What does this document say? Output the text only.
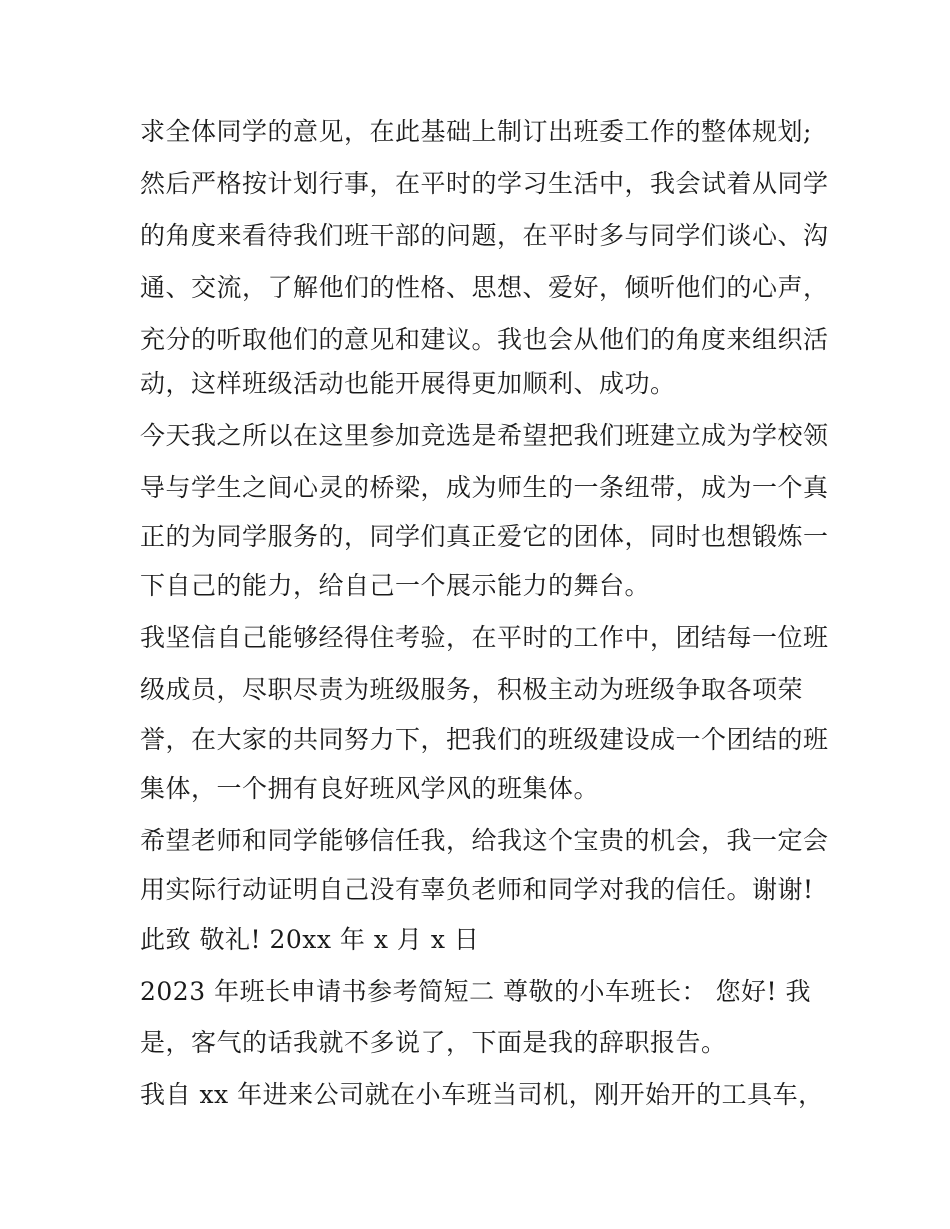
求全体同学的意见，在此基础上制订出班委工作的整体规划;
然后严格按计划行事，在平时的学习生活中，我会试着从同学
的角度来看待我们班干部的问题，在平时多与同学们谈心、沟
通、交流，了解他们的性格、思想、爱好，倾听他们的心声，
充分的听取他们的意见和建议。我也会从他们的角度来组织活
动，这样班级活动也能开展得更加顺利、成功。
今天我之所以在这里参加竞选是希望把我们班建立成为学校领
导与学生之间心灵的桥梁，成为师生的一条纽带，成为一个真
正的为同学服务的，同学们真正爱它的团体，同时也想锻炼一
下自己的能力，给自己一个展示能力的舞台。
我坚信自己能够经得住考验，在平时的工作中，团结每一位班
级成员，尽职尽责为班级服务，积极主动为班级争取各项荣
誉，在大家的共同努力下，把我们的班级建设成一个团结的班
集体，一个拥有良好班风学风的班集体。
希望老师和同学能够信任我，给我这个宝贵的机会，我一定会
用实际行动证明自己没有辜负老师和同学对我的信任。谢谢!
此致 敬礼! 20xx 年 x 月 x 日
2023 年班长申请书参考简短二 尊敬的小车班长： 您好! 我
是，客气的话我就不多说了，下面是我的辞职报告。
我自 xx 年进来公司就在小车班当司机，刚开始开的工具车，
